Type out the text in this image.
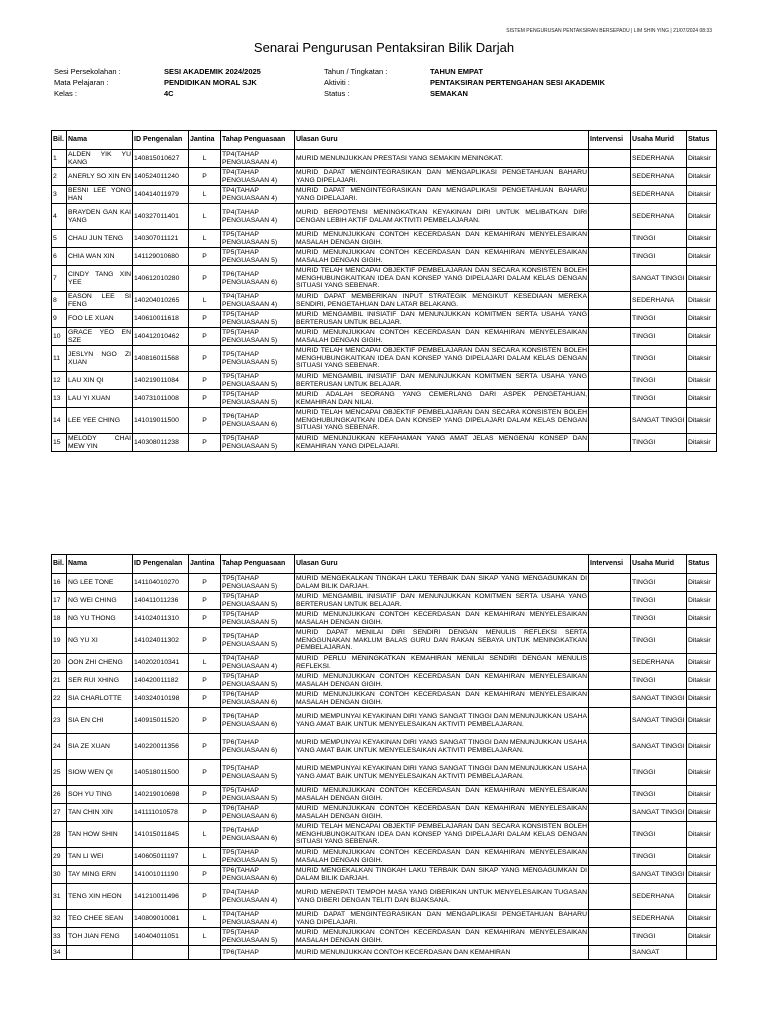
SISTEM PENGURUSAN PENTAKSIRAN BERSEPADU | LIM SHIN YING | 21/07/2024 08:33
Senarai Pengurusan Pentaksiran Bilik Darjah
Sesi Persekolahan :	SESI AKADEMIK 2024/2025	Tahun / Tingkatan :	TAHUN EMPAT
Mata Pelajaran :	PENDIDIKAN MORAL SJK	Aktiviti :	PENTAKSIRAN PERTENGAHAN SESI AKADEMIK
Kelas :	4C	Status :	SEMAKAN
Bil.	Nama	ID Pengenalan	Jantina	Tahap Penguasaan	Ulasan Guru	Intervensi	Usaha Murid	Status
1	ALDEN YIK YU KANG	140815010627	L	TP4(TAHAP PENGUASAAN 4)	MURID MENUNJUKKAN PRESTASI YANG SEMAKIN MENINGKAT.		SEDERHANA	Ditaksir
2	ANERLY SO XIN EN	140524011240	P	TP4(TAHAP PENGUASAAN 4)	MURID DAPAT MENGINTEGRASIKAN DAN MENGAPLIKASI PENGETAHUAN BAHARU YANG DIPELAJARI.		SEDERHANA	Ditaksir
3	BESNI LEE YONG HAN	140414011979	L	TP4(TAHAP PENGUASAAN 4)	MURID DAPAT MENGINTEGRASIKAN DAN MENGAPLIKASI PENGETAHUAN BAHARU YANG DIPELAJARI.		SEDERHANA	Ditaksir
4	BRAYDEN GAN KAI YANG	140327011401	L	TP4(TAHAP PENGUASAAN 4)	MURID BERPOTENSI MENINGKATKAN KEYAKINAN DIRI UNTUK MELIBATKAN DIRI DENGAN LEBIH AKTIF DALAM AKTIVITI PEMBELAJARAN.		SEDERHANA	Ditaksir
5	CHAU JUN TENG	140307011121	L	TP5(TAHAP PENGUASAAN 5)	MURID MENUNJUKKAN CONTOH KECERDASAN DAN KEMAHIRAN MENYELESAIKAN MASALAH DENGAN GIGIH.		TINGGI	Ditaksir
6	CHIA WAN XIN	141129010680	P	TP5(TAHAP PENGUASAAN 5)	MURID MENUNJUKKAN CONTOH KECERDASAN DAN KEMAHIRAN MENYELESAIKAN MASALAH DENGAN GIGIH.		TINGGI	Ditaksir
7	CINDY TANG XIN YEE	140612010280	P	TP6(TAHAP PENGUASAAN 6)	MURID TELAH MENCAPAI OBJEKTIF PEMBELAJARAN DAN SECARA KONSISTEN BOLEH MENGHUBUNGKAITKAN IDEA DAN KONSEP YANG DIPELAJARI DALAM KELAS DENGAN SITUASI YANG SEBENAR.		SANGAT TINGGI	Ditaksir
8	EASON LEE SI FENG	140204010265	L	TP4(TAHAP PENGUASAAN 4)	MURID DAPAT MEMBERIKAN INPUT STRATEGIK MENGIKUT KESEDIAAN MEREKA SENDIRI, PENGETAHUAN DAN LATAR BELAKANG.		SEDERHANA	Ditaksir
9	FOO LE XUAN	140610011618	P	TP5(TAHAP PENGUASAAN 5)	MURID MENGAMBIL INISIATIF DAN MENUNJUKKAN KOMITMEN SERTA USAHA YANG BERTERUSAN UNTUK BELAJAR.		TINGGI	Ditaksir
10	GRACE YEO EN SZE	140412010462	P	TP5(TAHAP PENGUASAAN 5)	MURID MENUNJUKKAN CONTOH KECERDASAN DAN KEMAHIRAN MENYELESAIKAN MASALAH DENGAN GIGIH.		TINGGI	Ditaksir
11	JESLYN NGO ZI XUAN	140816011568	P	TP5(TAHAP PENGUASAAN 5)	MURID TELAH MENCAPAI OBJEKTIF PEMBELAJARAN DAN SECARA KONSISTEN BOLEH MENGHUBUNGKAITKAN IDEA DAN KONSEP YANG DIPELAJARI DALAM KELAS DENGAN SITUASI YANG SEBENAR.		TINGGI	Ditaksir
12	LAU XIN QI	140219011084	P	TP5(TAHAP PENGUASAAN 5)	MURID MENGAMBIL INISIATIF DAN MENUNJUKKAN KOMITMEN SERTA USAHA YANG BERTERUSAN UNTUK BELAJAR.		TINGGI	Ditaksir
13	LAU YI XUAN	140731011008	P	TP5(TAHAP PENGUASAAN 5)	MURID ADALAH SEORANG YANG CEMERLANG DARI ASPEK PENGETAHUAN, KEMAHIRAN DAN NILAI.		TINGGI	Ditaksir
14	LEE YEE CHING	141019011500	P	TP6(TAHAP PENGUASAAN 6)	MURID TELAH MENCAPAI OBJEKTIF PEMBELAJARAN DAN SECARA KONSISTEN BOLEH MENGHUBUNGKAITKAN IDEA DAN KONSEP YANG DIPELAJARI DALAM KELAS DENGAN SITUASI YANG SEBENAR.		SANGAT TINGGI	Ditaksir
15	MELODY CHAI MEW YIN	140308011238	P	TP5(TAHAP PENGUASAAN 5)	MURID MENUNJUKKAN KEFAHAMAN YANG AMAT JELAS MENGENAI KONSEP DAN KEMAHIRAN YANG DIPELAJARI.		TINGGI	Ditaksir
Bil.	Nama	ID Pengenalan	Jantina	Tahap Penguasaan	Ulasan Guru	Intervensi	Usaha Murid	Status
16	NG LEE TONE	141104010270	P	TP5(TAHAP PENGUASAAN 5)	MURID MENGEKALKAN TINGKAH LAKU TERBAIK DAN SIKAP YANG MENGAGUMKAN DI DALAM BILIK DARJAH.		TINGGI	Ditaksir
17	NG WEI CHING	140411011236	P	TP5(TAHAP PENGUASAAN 5)	MURID MENGAMBIL INISIATIF DAN MENUNJUKKAN KOMITMEN SERTA USAHA YANG BERTERUSAN UNTUK BELAJAR.		TINGGI	Ditaksir
18	NG YU THONG	141024011310	P	TP5(TAHAP PENGUASAAN 5)	MURID MENUNJUKKAN CONTOH KECERDASAN DAN KEMAHIRAN MENYELESAIKAN MASALAH DENGAN GIGIH.		TINGGI	Ditaksir
19	NG YU XI	141024011302	P	TP5(TAHAP PENGUASAAN 5)	MURID DAPAT MENILAI DIRI SENDIRI DENGAN MENULIS REFLEKSI SERTA MENGGUNAKAN MAKLUM BALAS GURU DAN RAKAN SEBAYA UNTUK MENINGKATKAN PEMBELAJARAN.		TINGGI	Ditaksir
20	OON ZHI CHENG	140202010341	L	TP4(TAHAP PENGUASAAN 4)	MURID PERLU MENINGKATKAN KEMAHIRAN MENILAI SENDIRI DENGAN MENULIS REFLEKSI.		SEDERHANA	Ditaksir
21	SER RUI XHING	140420011182	P	TP5(TAHAP PENGUASAAN 5)	MURID MENUNJUKKAN CONTOH KECERDASAN DAN KEMAHIRAN MENYELESAIKAN MASALAH DENGAN GIGIH.		TINGGI	Ditaksir
22	SIA CHARLOTTE	140324010198	P	TP6(TAHAP PENGUASAAN 6)	MURID MENUNJUKKAN CONTOH KECERDASAN DAN KEMAHIRAN MENYELESAIKAN MASALAH DENGAN GIGIH.		SANGAT TINGGI	Ditaksir
23	SIA EN CHI	140915011520	P	TP6(TAHAP PENGUASAAN 6)	MURID MEMPUNYAI KEYAKINAN DIRI YANG SANGAT TINGGI DAN MENUNJUKKAN USAHA YANG AMAT BAIK UNTUK MENYELESAIKAN AKTIVITI PEMBELAJARAN.		SANGAT TINGGI	Ditaksir
24	SIA ZE XUAN	140220011356	P	TP6(TAHAP PENGUASAAN 6)	MURID MEMPUNYAI KEYAKINAN DIRI YANG SANGAT TINGGI DAN MENUNJUKKAN USAHA YANG AMAT BAIK UNTUK MENYELESAIKAN AKTIVITI PEMBELAJARAN.		SANGAT TINGGI	Ditaksir
25	SIOW WEN QI	140518011500	P	TP5(TAHAP PENGUASAAN 5)	MURID MEMPUNYAI KEYAKINAN DIRI YANG SANGAT TINGGI DAN MENUNJUKKAN USAHA YANG AMAT BAIK UNTUK MENYELESAIKAN AKTIVITI PEMBELAJARAN.		TINGGI	Ditaksir
26	SOH YU TING	140219010698	P	TP5(TAHAP PENGUASAAN 5)	MURID MENUNJUKKAN CONTOH KECERDASAN DAN KEMAHIRAN MENYELESAIKAN MASALAH DENGAN GIGIH.		TINGGI	Ditaksir
27	TAN CHIN XIN	141111010578	P	TP6(TAHAP PENGUASAAN 6)	MURID MENUNJUKKAN CONTOH KECERDASAN DAN KEMAHIRAN MENYELESAIKAN MASALAH DENGAN GIGIH.		SANGAT TINGGI	Ditaksir
28	TAN HOW SHIN	141015011845	L	TP6(TAHAP PENGUASAAN 6)	MURID TELAH MENCAPAI OBJEKTIF PEMBELAJARAN DAN SECARA KONSISTEN BOLEH MENGHUBUNGKAITKAN IDEA DAN KONSEP YANG DIPELAJARI DALAM KELAS DENGAN SITUASI YANG SEBENAR.		TINGGI	Ditaksir
29	TAN LI WEI	140605011197	L	TP5(TAHAP PENGUASAAN 5)	MURID MENUNJUKKAN CONTOH KECERDASAN DAN KEMAHIRAN MENYELESAIKAN MASALAH DENGAN GIGIH.		TINGGI	Ditaksir
30	TAY MING ERN	141001011190	P	TP6(TAHAP PENGUASAAN 6)	MURID MENGEKALKAN TINGKAH LAKU TERBAIK DAN SIKAP YANG MENGAGUMKAN DI DALAM BILIK DARJAH.		SANGAT TINGGI	Ditaksir
31	TENG XIN HEON	141210011496	P	TP4(TAHAP PENGUASAAN 4)	MURID MENEPATI TEMPOH MASA YANG DIBERIKAN UNTUK MENYELESAIKAN TUGASAN YANG DIBERI DENGAN TELITI DAN BIJAKSANA.		SEDERHANA	Ditaksir
32	TEO CHEE SEAN	140809010081	L	TP4(TAHAP PENGUASAAN 4)	MURID DAPAT MENGINTEGRASIKAN DAN MENGAPLIKASI PENGETAHUAN BAHARU YANG DIPELAJARI.		SEDERHANA	Ditaksir
33	TOH JIAN FENG	140404011051	L	TP5(TAHAP PENGUASAAN 5)	MURID MENUNJUKKAN CONTOH KECERDASAN DAN KEMAHIRAN MENYELESAIKAN MASALAH DENGAN GIGIH.		TINGGI	Ditaksir
34				TP6(TAHAP	MURID MENUNJUKKAN CONTOH KECERDASAN DAN KEMAHIRAN		SANGAT	
